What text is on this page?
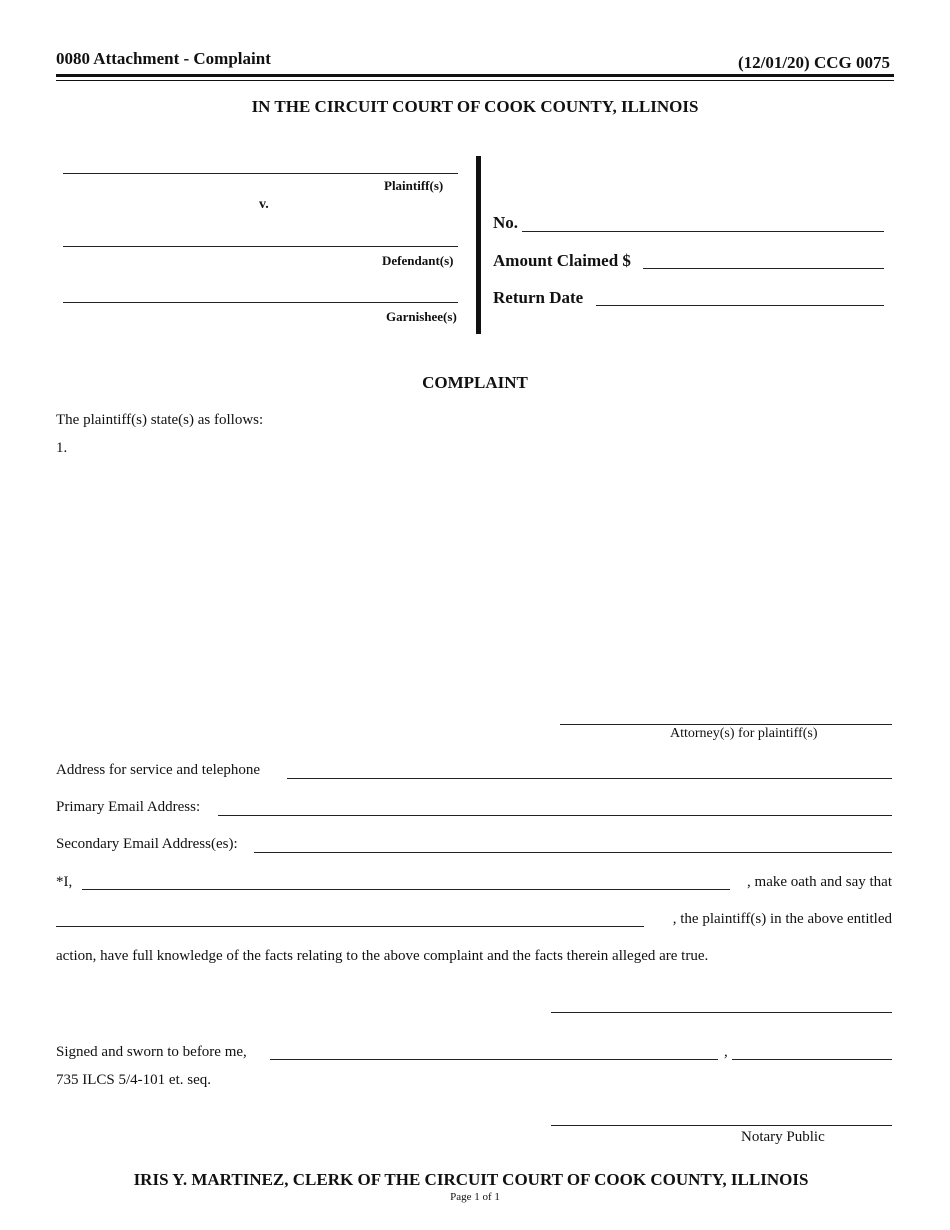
0080 Attachment - Complaint	(12/01/20) CCG 0075
IN THE CIRCUIT COURT OF COOK COUNTY, ILLINOIS
Plaintiff(s)
v.
Defendant(s)
Garnishee(s)
No.
Amount Claimed $
Return Date
COMPLAINT
The plaintiff(s) state(s) as follows:
1.
Attorney(s) for plaintiff(s)
Address for service and telephone
Primary Email Address:
Secondary Email Address(es):
*I,	, make oath and say that
, the plaintiff(s) in the above entitled
action, have full knowledge of the facts relating to the above complaint and the facts therein alleged are true.
Signed and sworn to before me,	,
735 ILCS 5/4-101 et. seq.
Notary Public
IRIS Y. MARTINEZ, CLERK OF THE CIRCUIT COURT OF COOK COUNTY, ILLINOIS
Page 1 of 1
